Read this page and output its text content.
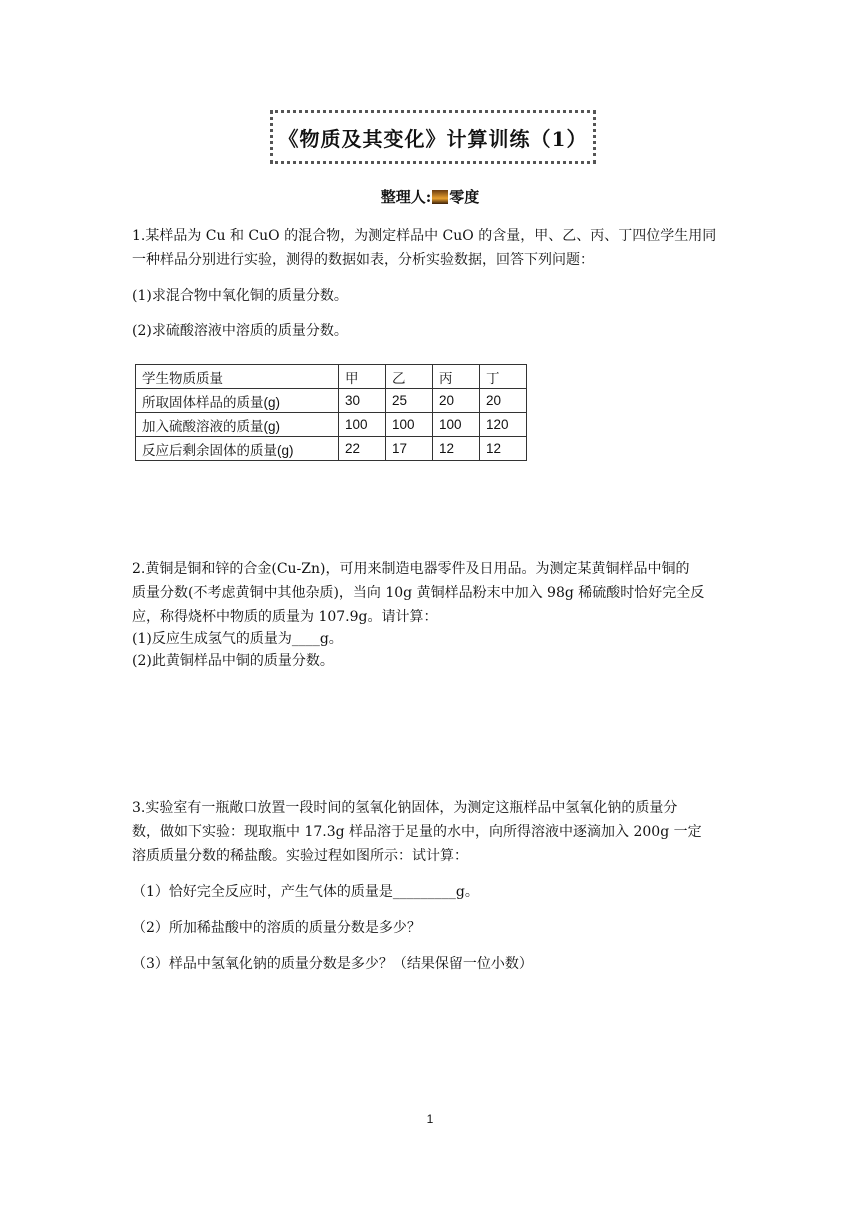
《物质及其变化》计算训练（1）
整理人: 零度
1.某样品为 Cu 和 CuO 的混合物，为测定样品中 CuO 的含量，甲、乙、丙、丁四位学生用同
一种样品分别进行实验，测得的数据如表，分析实验数据，回答下列问题：
(1)求混合物中氧化铜的质量分数。
(2)求硫酸溶液中溶质的质量分数。
学生物质质量	甲	乙	丙	丁
所取固体样品的质量(g)	30	25	20	20
加入硫酸溶液的质量(g)	100	100	100	120
反应后剩余固体的质量(g)	22	17	12	12
2.黄铜是铜和锌的合金(Cu-Zn)，可用来制造电器零件及日用品。为测定某黄铜样品中铜的
质量分数(不考虑黄铜中其他杂质)，当向 10g 黄铜样品粉末中加入 98g 稀硫酸时恰好完全反
应，称得烧杯中物质的质量为 107.9g。请计算：
(1)反应生成氢气的质量为____g。
(2)此黄铜样品中铜的质量分数。
3.实验室有一瓶敞口放置一段时间的氢氧化钠固体，为测定这瓶样品中氢氧化钠的质量分
数，做如下实验：现取瓶中 17.3g 样品溶于足量的水中，向所得溶液中逐滴加入 200g 一定
溶质质量分数的稀盐酸。实验过程如图所示：试计算：
（1）恰好完全反应时，产生气体的质量是_________g。
（2）所加稀盐酸中的溶质的质量分数是多少？
（3）样品中氢氧化钠的质量分数是多少？（结果保留一位小数）
1
